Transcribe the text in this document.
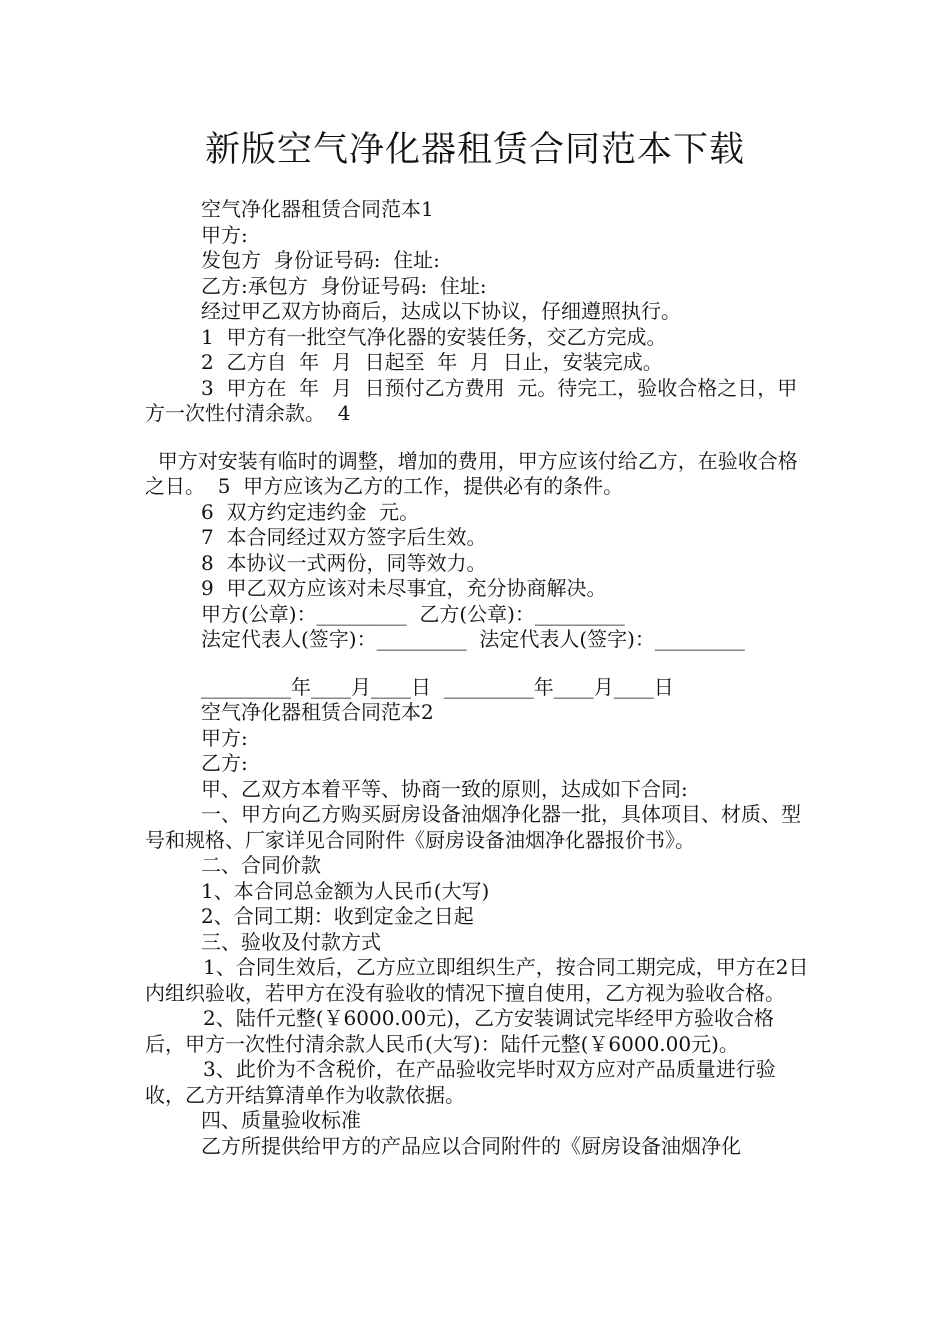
新版空气净化器租赁合同范本下载

空气净化器租赁合同范本1

甲方:

发包方  身份证号码:  住址:

乙方:承包方  身份证号码:  住址:

经过甲乙双方协商后，达成以下协议，仔细遵照执行。

1  甲方有一批空气净化器的安装任务，交乙方完成。

2  乙方自  年  月  日起至  年  月  日止，安装完成。

3  甲方在  年  月  日预付乙方费用  元。待完工，验收合格之日，甲方一次性付清余款。  4

甲方对安装有临时的调整，增加的费用，甲方应该付给乙方，在验收合格之日。  5  甲方应该为乙方的工作，提供必有的条件。

6  双方约定违约金  元。

7  本合同经过双方签字后生效。

8  本协议一式两份，同等效力。

9  甲乙双方应该对未尽事宜，充分协商解决。

甲方(公章)：_________  乙方(公章)：_________

法定代表人(签字)：_________  法定代表人(签字)：_________

_________年____月____日  _________年____月____日

空气净化器租赁合同范本2

甲方:

乙方:

甲、乙双方本着平等、协商一致的原则，达成如下合同:

一、甲方向乙方购买厨房设备油烟净化器一批，具体项目、材质、型号和规格、厂家详见合同附件《厨房设备油烟净化器报价书》。

二、合同价款

1、本合同总金额为人民币(大写)

2、合同工期：收到定金之日起

三、验收及付款方式

1、合同生效后，乙方应立即组织生产，按合同工期完成，甲方在2日内组织验收，若甲方在没有验收的情况下擅自使用，乙方视为验收合格。

2、陆仟元整(￥6000.00元)，乙方安装调试完毕经甲方验收合格后，甲方一次性付清余款人民币(大写)：陆仟元整(￥6000.00元)。

3、此价为不含税价，在产品验收完毕时双方应对产品质量进行验收，乙方开结算清单作为收款依据。

四、质量验收标准

乙方所提供给甲方的产品应以合同附件的《厨房设备油烟净化
